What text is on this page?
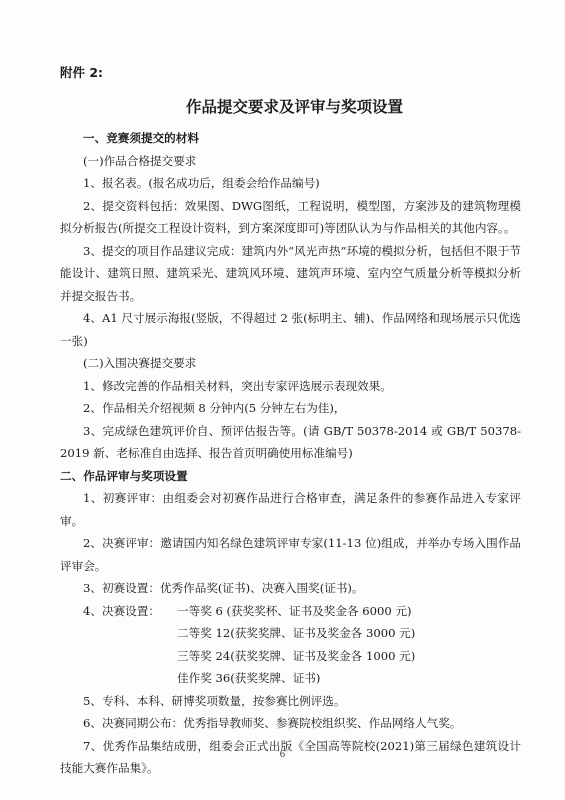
附件 2:
作品提交要求及评审与奖项设置
一、竞赛须提交的材料
(一)作品合格提交要求
1、报名表。(报名成功后，组委会给作品编号)
2、提交资料包括：效果图、DWG图纸，工程说明，模型图，方案涉及的建筑物理模拟分析报告(所提交工程设计资料，到方案深度即可)等团队认为与作品相关的其他内容。。
3、提交的项目作品建议完成：建筑内外“风光声热”环境的模拟分析，包括但不限于节能设计、建筑日照、建筑采光、建筑风环境、建筑声环境、室内空气质量分析等模拟分析并提交报告书。
4、A1 尺寸展示海报(竖版，不得超过 2 张(标明主、辅)、作品网络和现场展示只优选一张)
(二)入围决赛提交要求
1、修改完善的作品相关材料，突出专家评选展示表现效果。
2、作品相关介绍视频 8 分钟内(5 分钟左右为佳)，
3、完成绿色建筑评价自、预评估报告等。(请 GB/T 50378-2014 或 GB/T 50378-2019 新、老标准自由选择、报告首页明确使用标准编号)
二、作品评审与奖项设置
1、初赛评审：由组委会对初赛作品进行合格审查，满足条件的参赛作品进入专家评审。
2、决赛评审：邀请国内知名绿色建筑评审专家(11-13 位)组成，并举办专场入围作品评审会。
3、初赛设置：优秀作品奖(证书)、决赛入围奖(证书)。
4、决赛设置：	一等奖 6 (获奖奖杯、证书及奖金各 6000 元)
二等奖 12(获奖奖牌、证书及奖金各 3000 元)
三等奖 24(获奖奖牌、证书及奖金各 1000 元)
佳作奖 36(获奖奖牌、证书)
5、专科、本科、研博奖项数量，按参赛比例评选。
6、决赛同期公布：优秀指导教师奖、参赛院校组织奖、作品网络人气奖。
7、优秀作品集结成册，组委会正式出版《全国高等院校(2021)第三届绿色建筑设计技能大赛作品集》。
6
